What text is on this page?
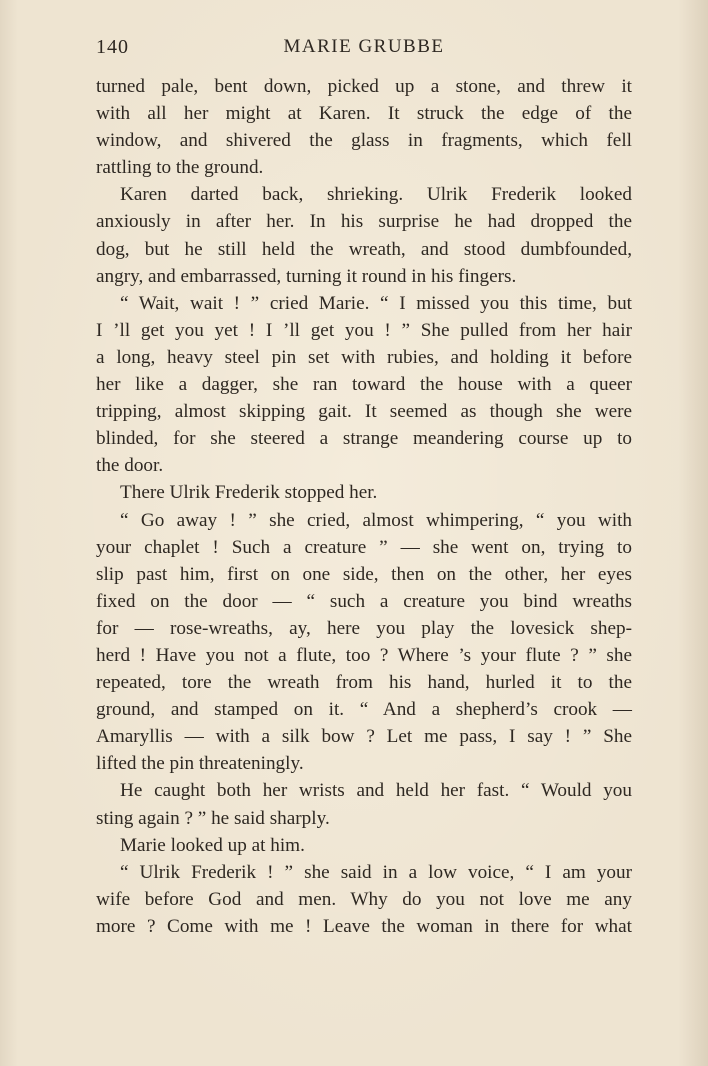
140	MARIE GRUBBE
turned pale, bent down, picked up a stone, and threw it
with all her might at Karen. It struck the edge of the
window, and shivered the glass in fragments, which fell
rattling to the ground.
Karen darted back, shrieking. Ulrik Frederik looked
anxiously in after her. In his surprise he had dropped the
dog, but he still held the wreath, and stood dumbfounded,
angry, and embarrassed, turning it round in his fingers.
“ Wait, wait ! ” cried Marie. “ I missed you this time, but
I ’ll get you yet ! I ’ll get you ! ” She pulled from her hair
a long, heavy steel pin set with rubies, and holding it before
her like a dagger, she ran toward the house with a queer
tripping, almost skipping gait. It seemed as though she were
blinded, for she steered a strange meandering course up to
the door.
There Ulrik Frederik stopped her.
“ Go away ! ” she cried, almost whimpering, “ you with
your chaplet ! Such a creature ” — she went on, trying to
slip past him, first on one side, then on the other, her eyes
fixed on the door — “ such a creature you bind wreaths
for — rose-wreaths, ay, here you play the lovesick shep-
herd ! Have you not a flute, too ? Where ’s your flute ? ” she
repeated, tore the wreath from his hand, hurled it to the
ground, and stamped on it. “ And a shepherd’s crook —
Amaryllis — with a silk bow ? Let me pass, I say ! ” She
lifted the pin threateningly.
He caught both her wrists and held her fast. “ Would you
sting again ? ” he said sharply.
Marie looked up at him.
“ Ulrik Frederik ! ” she said in a low voice, “ I am your
wife before God and men. Why do you not love me any
more ? Come with me ! Leave the woman in there for what
